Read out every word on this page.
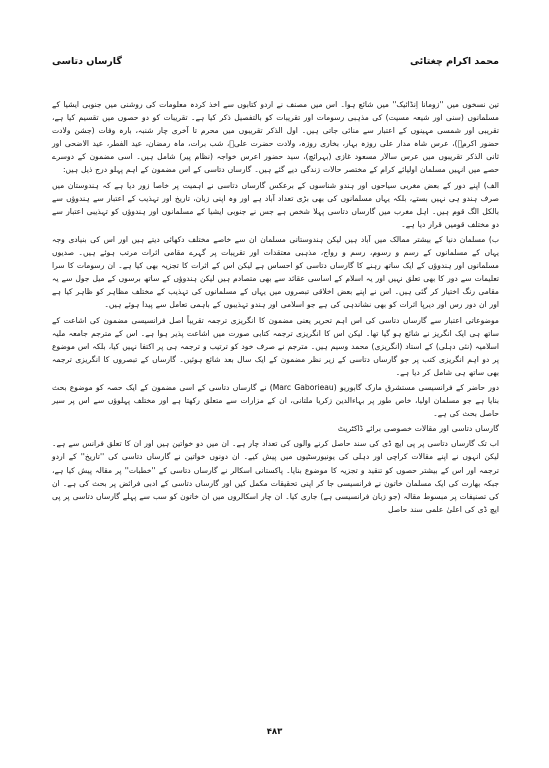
گارساں دتاسی	محمد اکرام چغتائی

تین نسخوں میں ''زومانا اِنڈائیک'' میں شائع ہوا۔ اس میں مصنف نے اردو کتابوں سے اخذ کردہ معلومات کی روشنی میں جنوبی ایشیا کے مسلمانوں (سنی اور شیعہ مسیت) کی مذہبی رسومات اور تقریبات کو بالتفصیل ذکر کیا ہے۔ تقریبات کو دو حصوں میں تقسیم کیا ہے، تقریبی اور شمسی مہینوں کے اعتبار سے منائی جاتی ہیں۔ اول الذکر تقریبوں میں محرم تا آخری چار شنبہ، بارہ وفات (جشن ولادت حضور اکرمؐ)، عرس شاہ مدار علی روزہ بہار، بخاری روزہ، ولادت حضرت علیؓ، شب برات، ماہ رمضان، عید الفطر، عید الاضحی اور ثانی الذکر تقریبوں میں عرس سالار مسعود غازی (بہرائچ)، سید حضور اعرس خواجہ (نظام پیر) شامل ہیں۔ اسی مضمون کے دوسرے حصے میں انہیں مسلمان اولیائے کرام کے مختصر حالات زندگی دیے گئے ہیں۔ گارساں دتاسی کے اس مضمون کے اہم پہلو درج ذیل ہیں:

الف) اپنے دور کے بعض مغربی سیاحوں اور ہندو شناسوں کے برعکس گارساں دتاسی نے اہمیت پر خاصا زور دیا ہے کہ ہندوستان میں صرف ہندو ہی نہیں بستے، بلکہ یہاں مسلمانوں کی بھی بڑی تعداد آباد ہے اور وہ اپنی زبان، تاریخ اور تہذیب کے اعتبار سے ہندوؤں سے بالکل الگ قوم ہیں۔ اہل مغرب میں گارساں دتاسی پہلا شخص ہے جس نے جنوبی ایشیا کے مسلمانوں اور ہندوؤں کو تہذیبی اعتبار سے دو مختلف قومیں قرار دیا ہے۔

ب) مسلمان دنیا کے بیشتر ممالک میں آباد ہیں لیکن ہندوستانی مسلمان ان سے خاصے مختلف دکھائی دیتے ہیں اور اس کی بنیادی وجہ یہاں کے مسلمانوں کے رسم و رسوم، رسم و رواج، مذہبی معتقدات اور تقریبات پر گہرے مقامی اثرات مرتب ہوئے ہیں۔ صدیوں مسلمانوں اور ہندوؤں کے ایک ساتھ رہنے کا گارساں دتاسی کو احساس ہے لیکن اس کے اثرات کا تجزیہ بھی کیا ہے۔ ان رسومات کا سرا تعلیمات سے دور کا بھی تعلق نہیں اور یہ اسلام کے اساسی عقائد سے بھی متصادم ہیں لیکن ہندوؤں کے ساتھ برسوں کے میل جول سے یہ مقامی رنگ اختیار کر گئی ہیں۔ اس نے اپنے بعض اخلاقی تبصروں میں یہاں کے مسلمانوں کی تہذیب کے مختلف مظاہر کو ظاہر کیا ہے اور ان دور رس اور دیرپا اثرات کو بھی نشاندہی کی ہے جو اسلامی اور ہندو تہذیبوں کے باہمی تعامل سے پیدا ہوئے ہیں۔

موضوعاتی اعتبار سے گارساں دتاسی کی اس اہم تحریر یعنی مضمون کا انگریزی ترجمہ تقریباً اصل فرانسیسی مضمون کی اشاعت کے ساتھ ہی ایک انگریز نے شائع ہو گیا تھا۔ لیکن اس کا انگریزی ترجمہ کتابی صورت میں اشاعت پذیر ہوا ہے۔ اس کے مترجم جامعہ ملیہ اسلامیہ (نئی دہلی) کے استاد (انگریزی) محمد وسیم ہیں۔ مترجم نے صرف خود کو ترتیب و ترجمہ ہی پر اکتفا نہیں کیا، بلکہ اس موضوع پر دو اہم انگریزی کتب پر جو گارساں دتاسی کے زیر نظر مضمون کے ایک سال بعد شائع ہوئیں۔ گارساں کے تبصروں کا انگریزی ترجمہ بھی ساتھ ہی شامل کر دیا ہے۔

دور حاضر کے فرانسیسی مستشرق مارک گابوریو (Marc Gaborieau) نے گارساں دتاسی کے اسی مضمون کے ایک حصہ کو موضوع بحث بنایا ہے جو مسلمان اولیا، خاص طور پر بہاءالدین زکریا ملتانی، ان کے مزارات سے متعلق رکھتا ہے اور مختلف پہلوؤں سے اس پر سیر حاصل بحث کی ہے۔

گارساں دتاسی اور مقالات خصوصی برائے ڈاکٹریٹ

اب تک گارساں دتاسی پر پی ایچ ڈی کی سند حاصل کرنے والوں کی تعداد چار ہے۔ ان میں دو خواتین ہیں اور ان کا تعلق فرانس سے ہے۔ لیکن انہوں نے اپنے مقالات کراچی اور دہلی کی یونیورسٹیوں میں پیش کیے۔ ان دونوں خواتین نے گارساں دتاسی کی ''تاریخ'' کے اردو ترجمہ اور اس کے بیشتر حصوں کو تنقید و تجزیہ کا موضوع بنایا۔ پاکستانی اسکالر نے گارساں دتاسی کے ''خطبات'' پر مقالہ پیش کیا ہے، جبکہ بھارت کی ایک مسلمان خاتون نے فرانسیسی جا کر اپنی تحقیقات مکمل کیں اور گارساں دتاسی کے ادبی فرائض پر بحث کی ہے۔ ان کی تصنیفات پر مبسوط مقالہ (جو زبان فرانسیسی ہے) جاری کیا۔ ان چار اسکالروں میں ان خاتون کو سب سے پہلے گارساں دتاسی پر پی ایچ ڈی کی اعلیٰ علمی سند حاصل

۴۸۳
